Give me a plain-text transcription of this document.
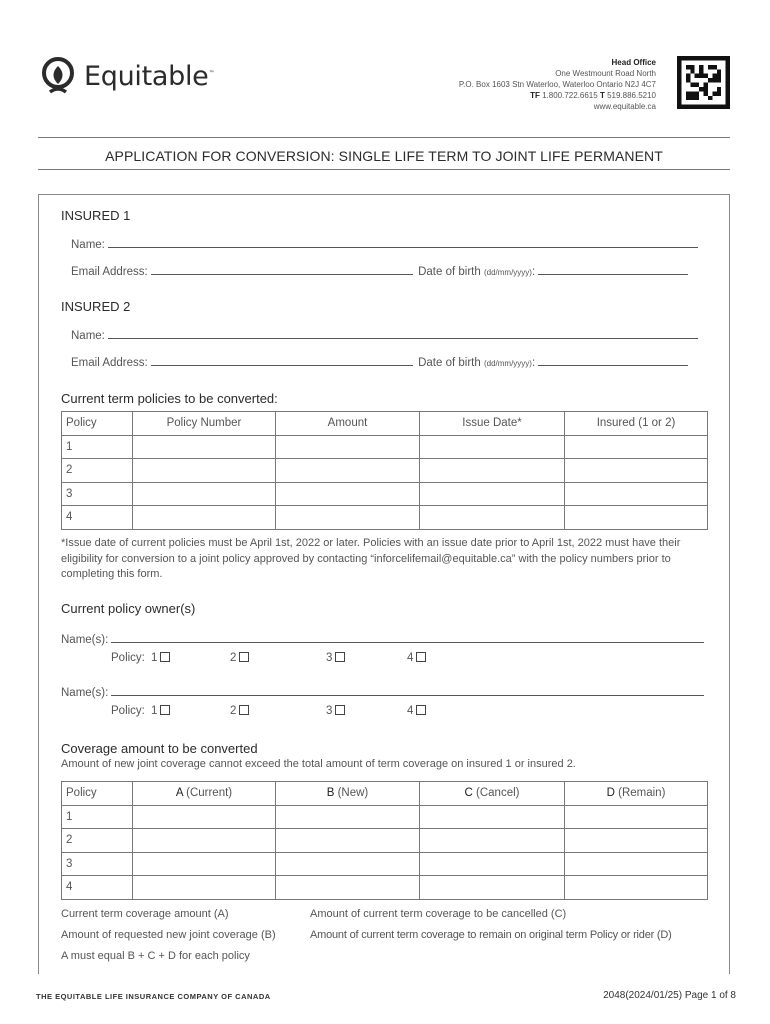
Equitable™
Head Office
One Westmount Road North
P.O. Box 1603 Stn Waterloo, Waterloo Ontario N2J 4C7
TF 1.800.722.6615 T 519.886.5210
www.equitable.ca
APPLICATION FOR CONVERSION: SINGLE LIFE TERM TO JOINT LIFE PERMANENT
INSURED 1
Name:
Email Address:	Date of birth (dd/mm/yyyy):
INSURED 2
Name:
Email Address:	Date of birth (dd/mm/yyyy):
Current term policies to be converted:
Policy	Policy Number	Amount	Issue Date*	Insured (1 or 2)
1				
2				
3				
4				
*Issue date of current policies must be April 1st, 2022 or later. Policies with an issue date prior to April 1st, 2022 must have their eligibility for conversion to a joint policy approved by contacting “inforcelifemail@equitable.ca” with the policy numbers prior to completing this form.
Current policy owner(s)
Name(s):
Policy: 1	2	3	4
Name(s):
Policy: 1	2	3	4
Coverage amount to be converted
Amount of new joint coverage cannot exceed the total amount of term coverage on insured 1 or insured 2.
Policy	A (Current)	B (New)	C (Cancel)	D (Remain)
1				
2				
3				
4				
Current term coverage amount (A)
Amount of requested new joint coverage (B)
A must equal B + C + D for each policy
Amount of current term coverage to be cancelled (C)
Amount of current term coverage to remain on original term Policy or rider (D)
THE EQUITABLE LIFE INSURANCE COMPANY OF CANADA	2048(2024/01/25) Page 1 of 8
